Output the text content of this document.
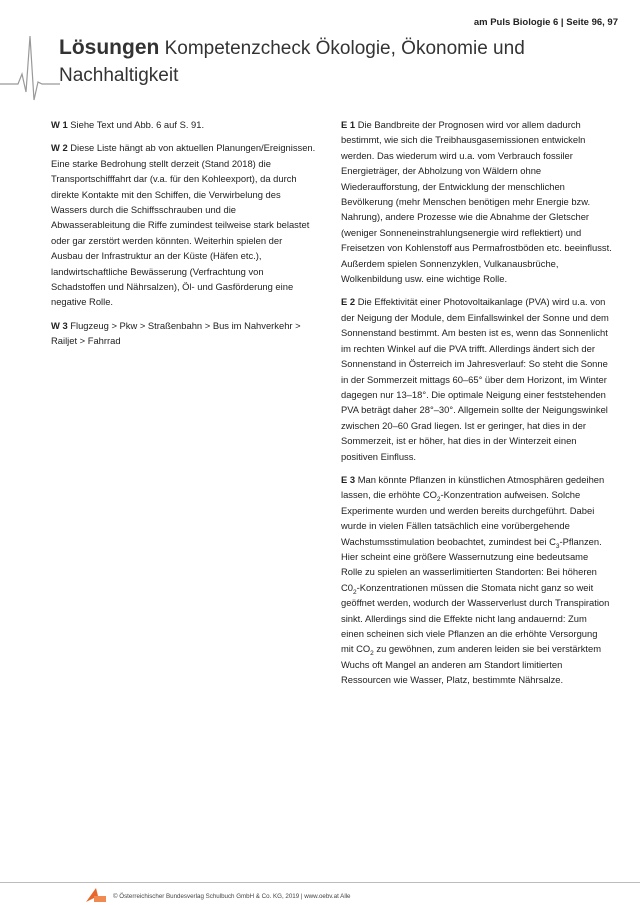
am Puls Biologie 6 | Seite 96, 97
Lösungen Kompetenzcheck Ökologie, Ökonomie und Nachhaltigkeit

W 1 Siehe Text und Abb. 6 auf S. 91.

W 2 Diese Liste hängt ab von aktuellen Planungen/Ereignissen. Eine starke Bedrohung stellt derzeit (Stand 2018) die Transportschifffahrt dar (v.a. für den Kohleexport), da durch direkte Kontakte mit den Schiffen, die Verwirbelung des Wassers durch die Schiffsschrauben und die Abwasserableitung die Riffe zumindest teilweise stark belastet oder gar zerstört werden könnten. Weiterhin spielen der Ausbau der Infrastruktur an der Küste (Häfen etc.), landwirtschaftliche Bewässerung (Verfrachtung von Schadstoffen und Nährsalzen), Öl- und Gasförderung eine negative Rolle.

W 3 Flugzeug > Pkw > Straßenbahn > Bus im Nahverkehr > Railjet > Fahrrad

E 1 Die Bandbreite der Prognosen wird vor allem dadurch bestimmt, wie sich die Treibhausgasemissionen entwickeln werden. Das wiederum wird u.a. vom Verbrauch fossiler Energieträger, der Abholzung von Wäldern ohne Wiederaufforstung, der Entwicklung der menschlichen Bevölkerung (mehr Menschen benötigen mehr Energie bzw. Nahrung), andere Prozesse wie die Abnahme der Gletscher (weniger Sonneneinstrahlungsenergie wird reflektiert) und Freisetzen von Kohlenstoff aus Permafrostböden etc. beeinflusst. Außerdem spielen Sonnenzyklen, Vulkanausbrüche, Wolkenbildung usw. eine wichtige Rolle.

E 2 Die Effektivität einer Photovoltaikanlage (PVA) wird u.a. von der Neigung der Module, dem Einfallswinkel der Sonne und dem Sonnenstand bestimmt. Am besten ist es, wenn das Sonnenlicht im rechten Winkel auf die PVA trifft. Allerdings ändert sich der Sonnenstand in Österreich im Jahresverlauf: So steht die Sonne in der Sommerzeit mittags 60–65° über dem Horizont, im Winter dagegen nur 13–18°. Die optimale Neigung einer feststehenden PVA beträgt daher 28°–30°. Allgemein sollte der Neigungswinkel zwischen 20–60 Grad liegen. Ist er geringer, hat dies in der Sommerzeit, ist er höher, hat dies in der Winterzeit einen positiven Einfluss.

E 3 Man könnte Pflanzen in künstlichen Atmosphären gedeihen lassen, die erhöhte $CO_2$-Konzentration aufweisen. Solche Experimente wurden und werden bereits durchgeführt. Dabei wurde in vielen Fällen tatsächlich eine vorübergehende Wachstumsstimulation beobachtet, zumindest bei $C_3$-Pflanzen. Hier scheint eine größere Wassernutzung eine bedeutsame Rolle zu spielen an wasserlimitierten Standorten: Bei höheren $C0_2$-Konzentrationen müssen die Stomata nicht ganz so weit geöffnet werden, wodurch der Wasserverlust durch Transpiration sinkt. Allerdings sind die Effekte nicht lang andauernd: Zum einen scheinen sich viele Pflanzen an die erhöhte Versorgung mit $CO_2$ zu gewöhnen, zum anderen leiden sie bei verstärktem Wuchs oft Mangel an anderen am Standort limitierten Ressourcen wie Wasser, Platz, bestimmte Nährsalze.

© Österreichischer Bundesverlag Schulbuch GmbH & Co. KG, 2019 | www.oebv.at Alle
